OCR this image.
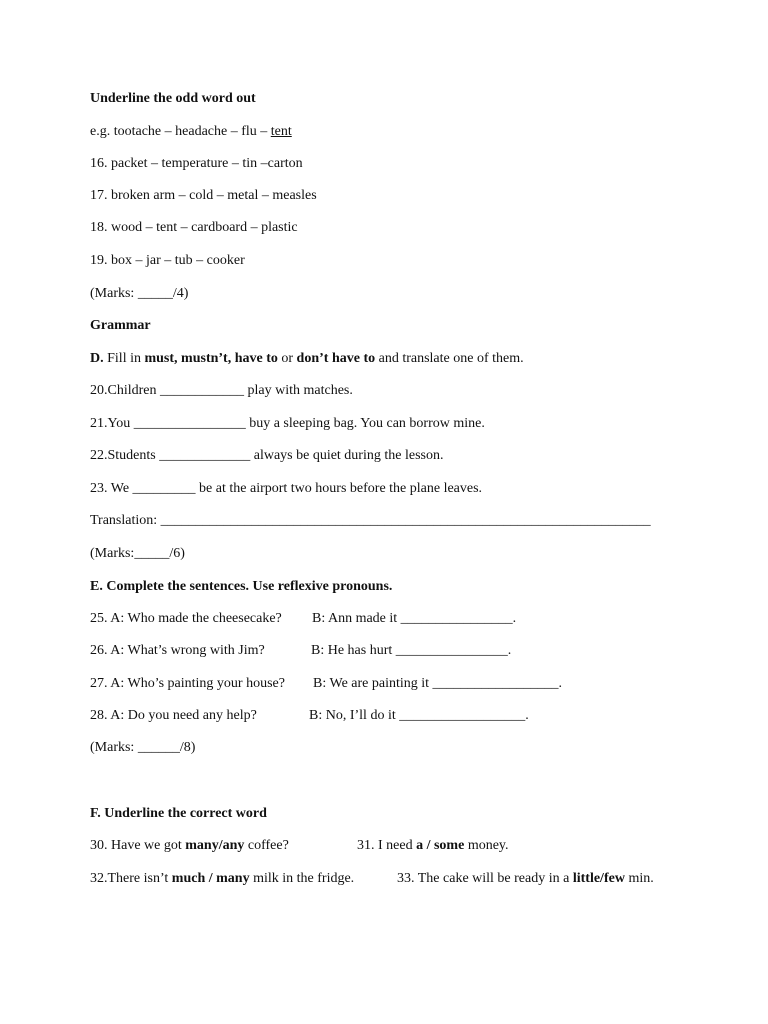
Underline the odd word out
e.g. tootache – headache – flu – tent
16. packet – temperature – tin –carton
17. broken arm – cold – metal – measles
18. wood – tent – cardboard – plastic
19. box – jar – tub – cooker
(Marks: _____/4)
Grammar
D. Fill in must, mustn’t, have to or don’t have to and translate one of them.
20.Children ____________ play with matches.
21.You ________________ buy a sleeping bag. You can borrow mine.
22.Students _____________ always be quiet during the lesson.
23. We _________ be at the airport two hours before the plane leaves.
Translation: ______________________________________________________________________
(Marks:_____/6)
E. Complete the sentences. Use reflexive pronouns.
25. A: Who made the cheesecake? B: Ann made it ________________.
26. A: What’s wrong with Jim?	B: He has hurt ________________.
27. A: Who’s painting your house? B: We are painting it __________________.
28. A: Do you need any help?	B: No, I’ll do it __________________.
(Marks: ______/8)
F. Underline the correct word
30. Have we got many/any coffee?	31. I need a / some money.
32.There isn’t much / many milk in the fridge.	33. The cake will be ready in a little/few min.
